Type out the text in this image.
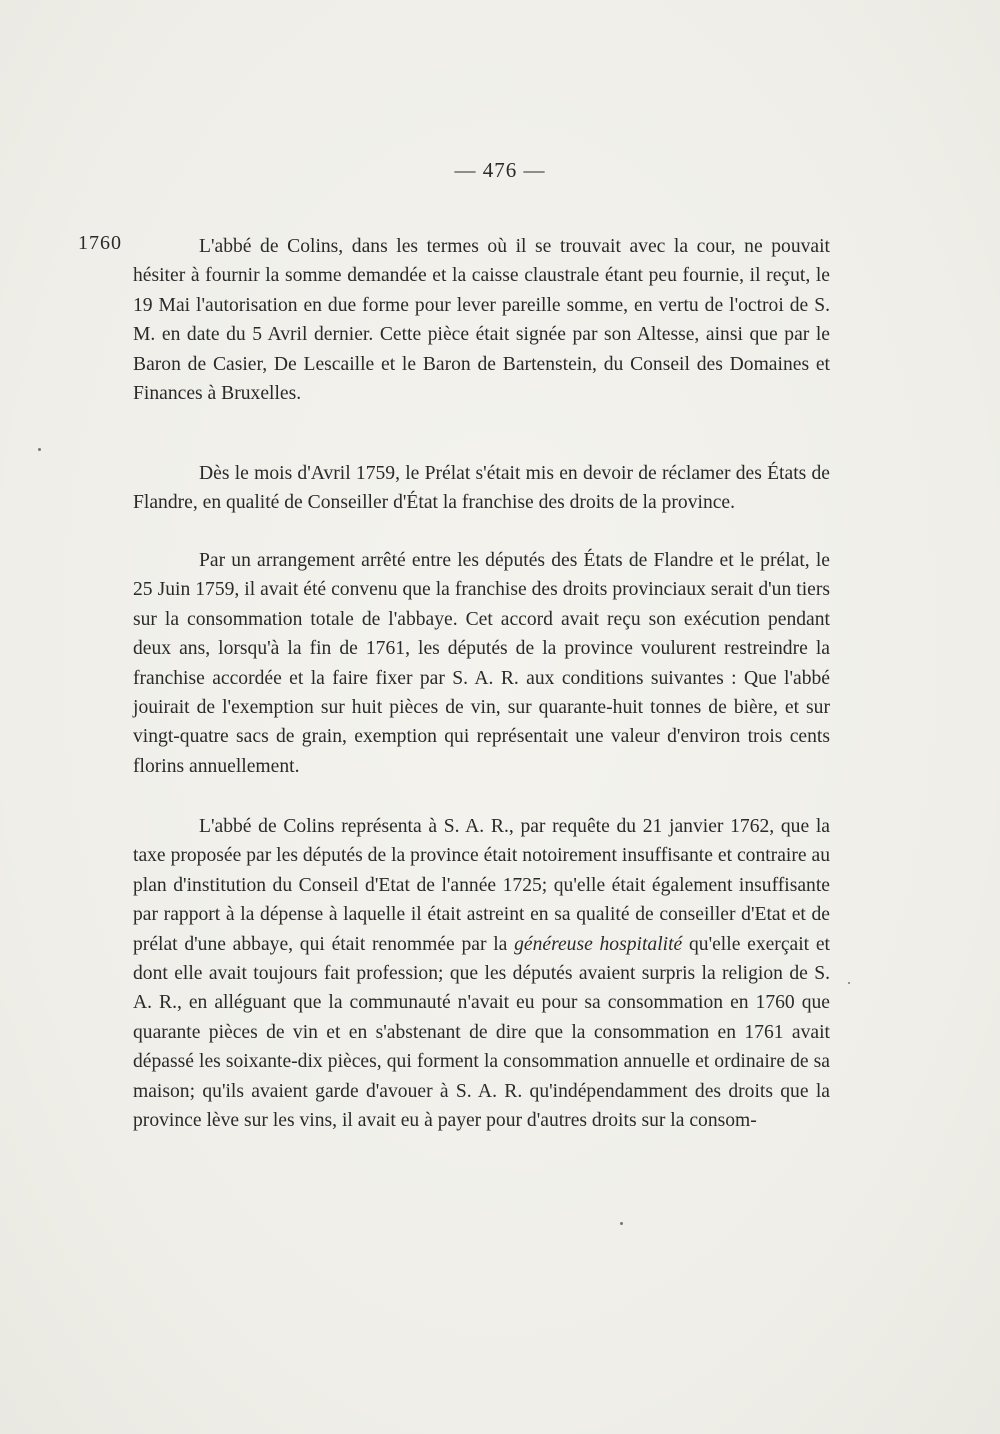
— 476 —
1760	L'abbé de Colins, dans les termes où il se trouvait avec la cour, ne pouvait hésiter à fournir la somme demandée et la caisse claustrale étant peu fournie, il reçut, le 19 Mai l'autorisation en due forme pour lever pareille somme, en vertu de l'octroi de S. M. en date du 5 Avril dernier. Cette pièce était signée par son Altesse, ainsi que par le Baron de Casier, De Lescaille et le Baron de Bartenstein, du Conseil des Domaines et Finances à Bruxelles.

Dès le mois d'Avril 1759, le Prélat s'était mis en devoir de réclamer des États de Flandre, en qualité de Conseiller d'État la franchise des droits de la province.

Par un arrangement arrêté entre les députés des États de Flandre et le prélat, le 25 Juin 1759, il avait été convenu que la franchise des droits provinciaux serait d'un tiers sur la consommation totale de l'abbaye. Cet accord avait reçu son exécution pendant deux ans, lorsqu'à la fin de 1761, les députés de la province voulurent restreindre la franchise accordée et la faire fixer par S. A. R. aux conditions suivantes : Que l'abbé jouirait de l'exemption sur huit pièces de vin, sur quarante-huit tonnes de bière, et sur vingt-quatre sacs de grain, exemption qui représentait une valeur d'environ trois cents florins annuellement.

L'abbé de Colins représenta à S. A. R., par requête du 21 janvier 1762, que la taxe proposée par les députés de la province était notoirement insuffisante et contraire au plan d'institution du Conseil d'Etat de l'année 1725; qu'elle était également insuffisante par rapport à la dépense à laquelle il était astreint en sa qualité de conseiller d'Etat et de prélat d'une abbaye, qui était renommée par la généreuse hospitalité qu'elle exerçait et dont elle avait toujours fait profession; que les députés avaient surpris la religion de S. A. R., en alléguant que la communauté n'avait eu pour sa consommation en 1760 que quarante pièces de vin et en s'abstenant de dire que la consommation en 1761 avait dépassé les soixante-dix pièces, qui forment la consommation annuelle et ordinaire de sa maison; qu'ils avaient garde d'avouer à S. A. R. qu'indépendamment des droits que la province lève sur les vins, il avait eu à payer pour d'autres droits sur la consom-
